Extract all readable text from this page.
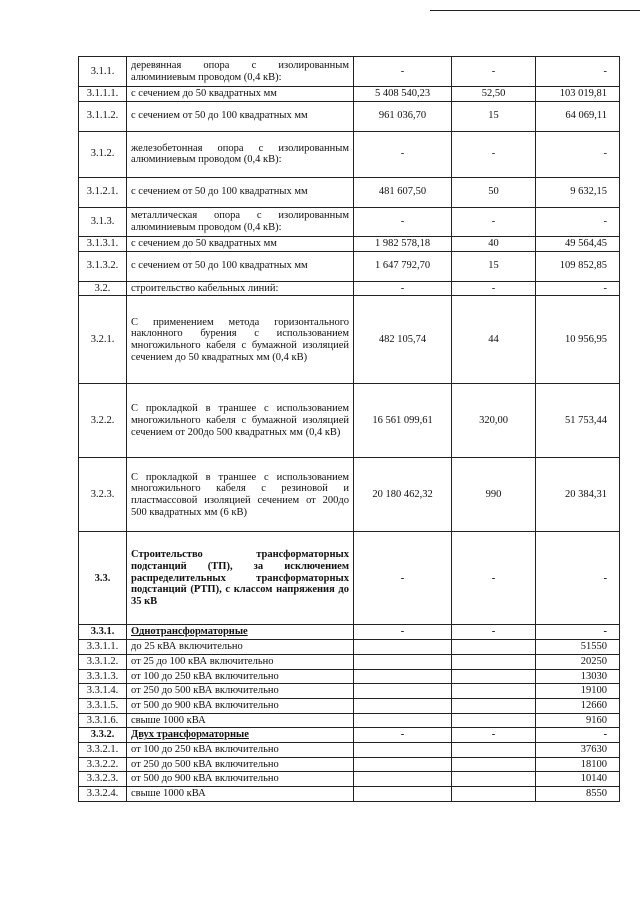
3.1.1.	деревянная опора с изолированным алюминиевым проводом (0,4 кВ):	-	-	-
3.1.1.1.	с сечением до 50 квадратных мм	5 408 540,23	52,50	103 019,81
3.1.1.2.	с сечением от 50 до 100 квадратных мм	961 036,70	15	64 069,11
3.1.2.	железобетонная опора с изолированным алюминиевым проводом (0,4 кВ):	-	-	-
3.1.2.1.	с сечением от 50 до 100 квадратных мм	481 607,50	50	9 632,15
3.1.3.	металлическая опора с изолированным алюминиевым проводом (0,4 кВ):	-	-	-
3.1.3.1.	с сечением до 50 квадратных мм	1 982 578,18	40	49 564,45
3.1.3.2.	с сечением от 50 до 100 квадратных мм	1 647 792,70	15	109 852,85
3.2.	строительство кабельных линий:	-	-	-
3.2.1.	С применением метода горизонтального наклонного бурения с использованием многожильного кабеля с бумажной изоляцией сечением до 50 квадратных мм (0,4 кВ)	482 105,74	44	10 956,95
3.2.2.	С прокладкой в траншее с использованием многожильного кабеля с бумажной изоляцией сечением от 200до 500 квадратных мм (0,4 кВ)	16 561 099,61	320,00	51 753,44
3.2.3.	С прокладкой в траншее с использованием многожильного кабеля с резиновой и пластмассовой изоляцией сечением от 200до 500 квадратных мм (6 кВ)	20 180 462,32	990	20 384,31
3.3.	Строительство трансформаторных подстанций (ТП), за исключением распределительных трансформаторных подстанций (РТП), с классом напряжения до 35 кВ	-	-	-
3.3.1.	Однотрансформаторные	-	-	-
3.3.1.1.	до 25 кВА включительно			51550
3.3.1.2.	от 25 до 100 кВА включительно			20250
3.3.1.3.	от 100 до 250 кВА включительно			13030
3.3.1.4.	от 250 до 500 кВА включительно			19100
3.3.1.5.	от 500 до 900 кВА включительно			12660
3.3.1.6.	свыше 1000 кВА			9160
3.3.2.	Двух трансформаторные	-	-	-
3.3.2.1.	от 100 до 250 кВА включительно			37630
3.3.2.2.	от 250 до 500 кВА включительно			18100
3.3.2.3.	от 500 до 900 кВА включительно			10140
3.3.2.4.	свыше 1000 кВА			8550
